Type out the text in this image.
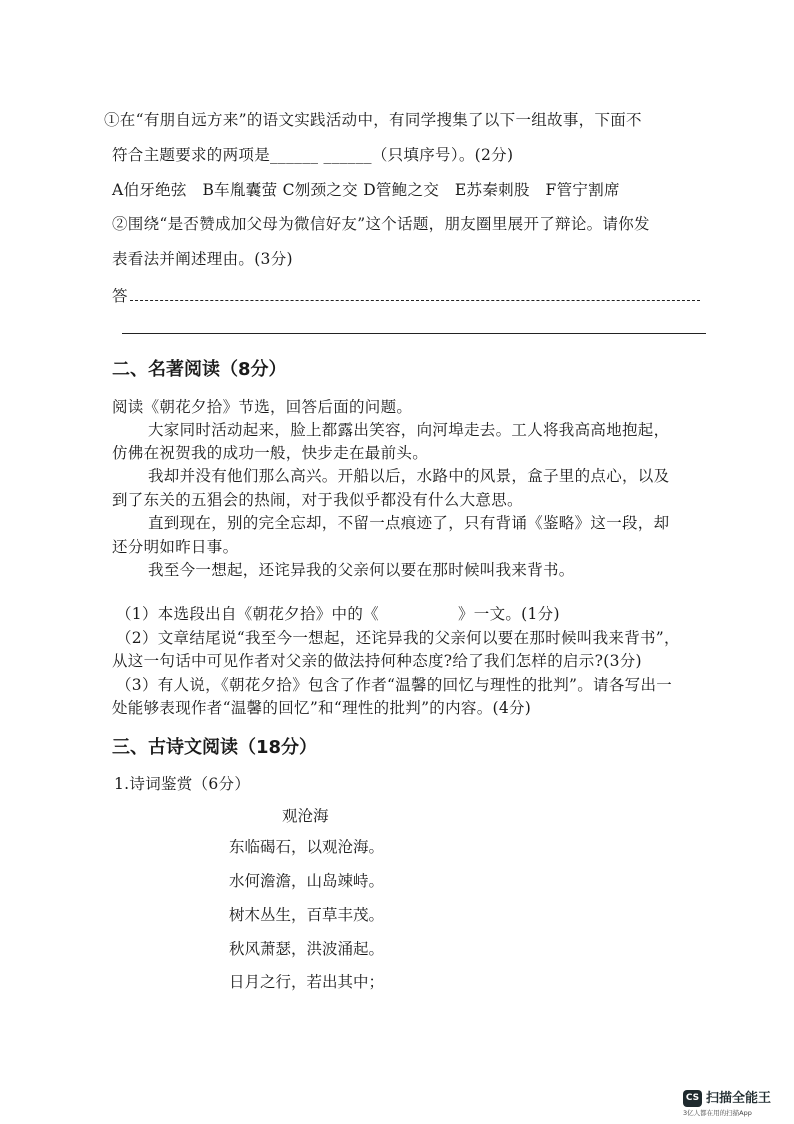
①在“有朋自远方来”的语文实践活动中，有同学搜集了以下一组故事，下面不
符合主题要求的两项是______ ______（只填序号）。(2分)
A伯牙绝弦　B车胤囊萤 C刎颈之交 D管鲍之交　E苏秦刺股　F管宁割席
②围绕“是否赞成加父母为微信好友”这个话题，朋友圈里展开了辩论。请你发
表看法并阐述理由。(3分)
答
二、名著阅读（8分）
阅读《朝花夕拾》节选，回答后面的问题。
大家同时活动起来，脸上都露出笑容，向河埠走去。工人将我高高地抱起，
仿佛在祝贺我的成功一般，快步走在最前头。
我却并没有他们那么高兴。开船以后，水路中的风景，盒子里的点心，以及
到了东关的五猖会的热闹，对于我似乎都没有什么大意思。
直到现在，别的完全忘却，不留一点痕迹了，只有背诵《鉴略》这一段，却
还分明如昨日事。
我至今一想起，还诧异我的父亲何以要在那时候叫我来背书。
（1）本选段出自《朝花夕拾》中的《　　　　　》一文。(1分)
（2）文章结尾说“我至今一想起，还诧异我的父亲何以要在那时候叫我来背书”，
从这一句话中可见作者对父亲的做法持何种态度?给了我们怎样的启示?(3分)
（3）有人说，《朝花夕拾》包含了作者“温馨的回忆与理性的批判”。请各写出一
处能够表现作者“温馨的回忆”和“理性的批判”的内容。(4分)
三、古诗文阅读（18分）
1.诗词鉴赏（6分）
观沧海
东临碣石，以观沧海。
水何澹澹，山岛竦峙。
树木丛生，百草丰茂。
秋风萧瑟，洪波涌起。
日月之行，若出其中；
CS 扫描全能王
3亿人都在用的扫描App
